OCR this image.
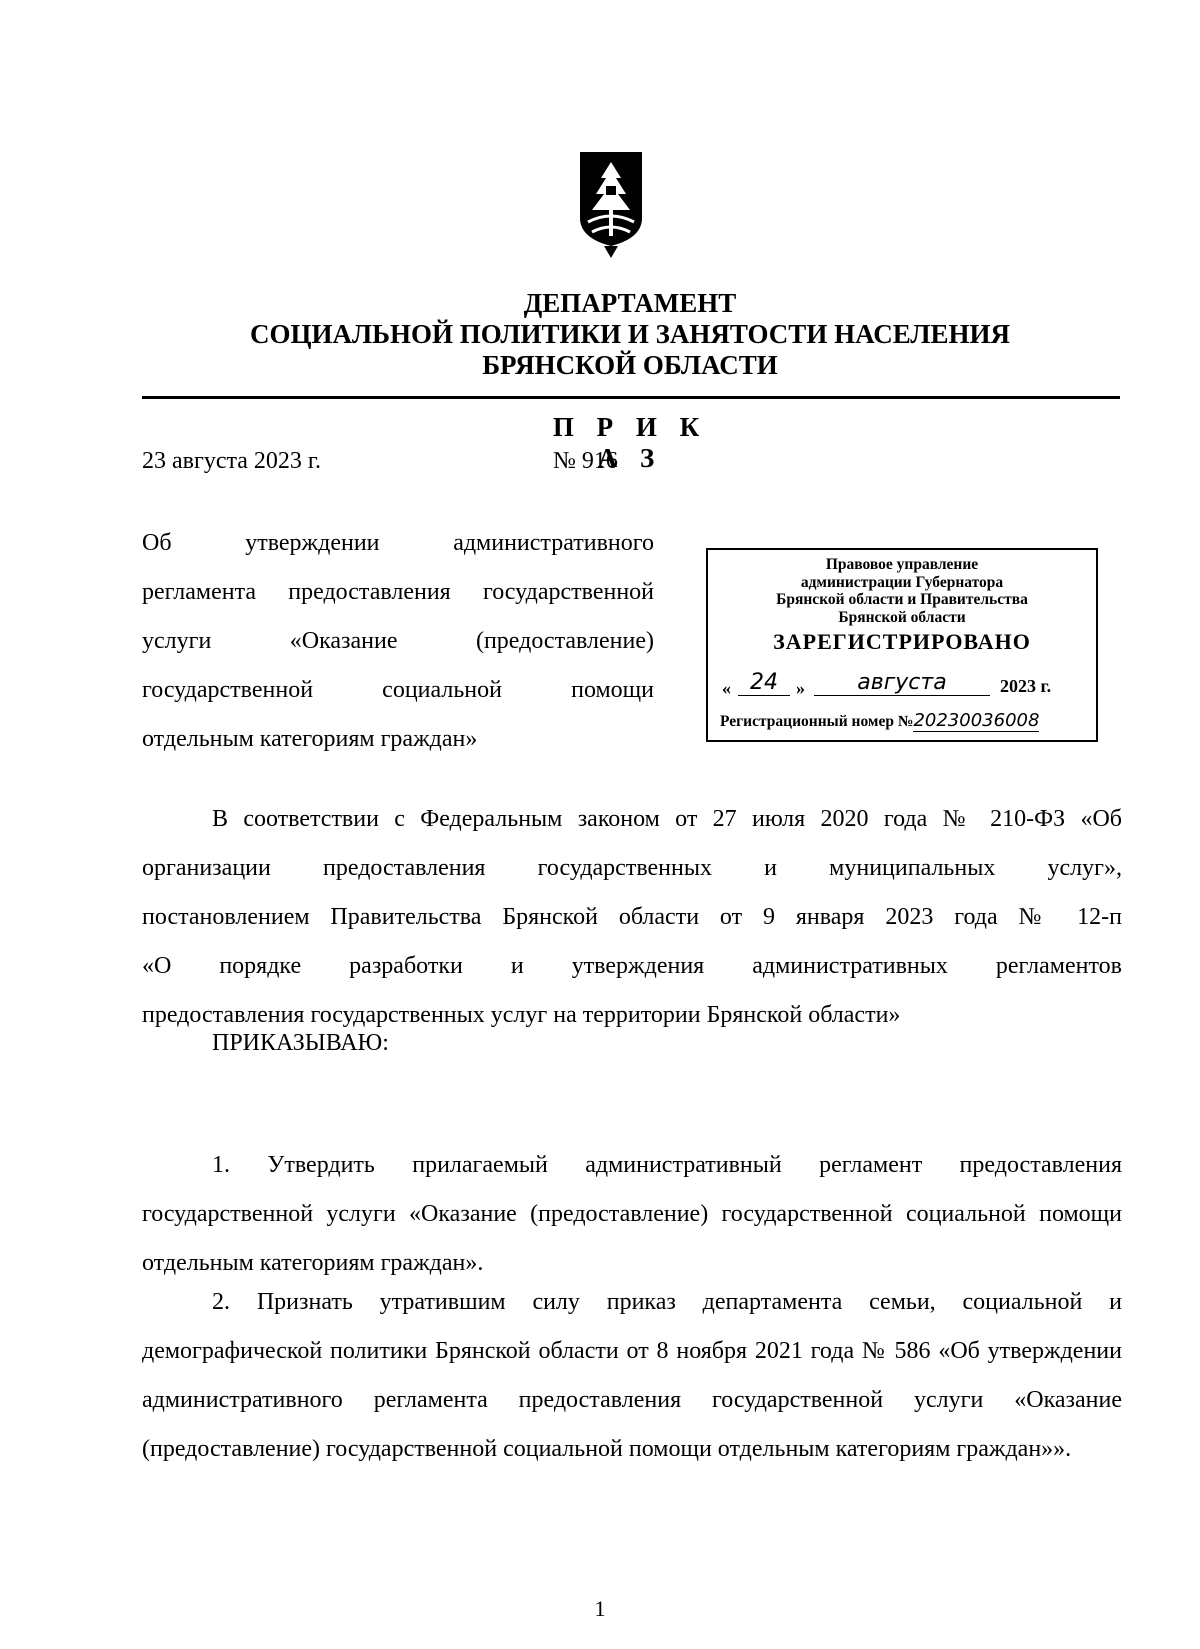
ДЕПАРТАМЕНТ
СОЦИАЛЬНОЙ ПОЛИТИКИ И ЗАНЯТОСТИ НАСЕЛЕНИЯ
БРЯНСКОЙ ОБЛАСТИ
П Р И К А З
23 августа 2023 г.	№ 916
Об утверждении административного
регламента предоставления государственной
услуги «Оказание (предоставление)
государственной социальной помощи
отдельным категориям граждан»
Правовое управление
администрации Губернатора
Брянской области и Правительства
Брянской области
ЗАРЕГИСТРИРОВАНО
« 24	»	августа	2023 г.
Регистрационный номер №20230036008

В соответствии с Федеральным законом от 27 июля 2020 года № 210-ФЗ «Об

организации предоставления государственных и муниципальных услуг»,

постановлением Правительства Брянской области от 9 января 2023 года № 12-п

«О порядке разработки и утверждения административных регламентов

предоставления государственных услуг на территории Брянской области»

ПРИКАЗЫВАЮ:

1. Утвердить прилагаемый административный регламент предоставления государственной услуги «Оказание (предоставление) государственной социальной помощи отдельным категориям граждан».

2. Признать утратившим силу приказ департамента семьи, социальной и демографической политики Брянской области от 8 ноября 2021 года № 586 «Об утверждении административного регламента предоставления государственной услуги «Оказание (предоставление) государственной социальной помощи отдельным категориям граждан»».

1
